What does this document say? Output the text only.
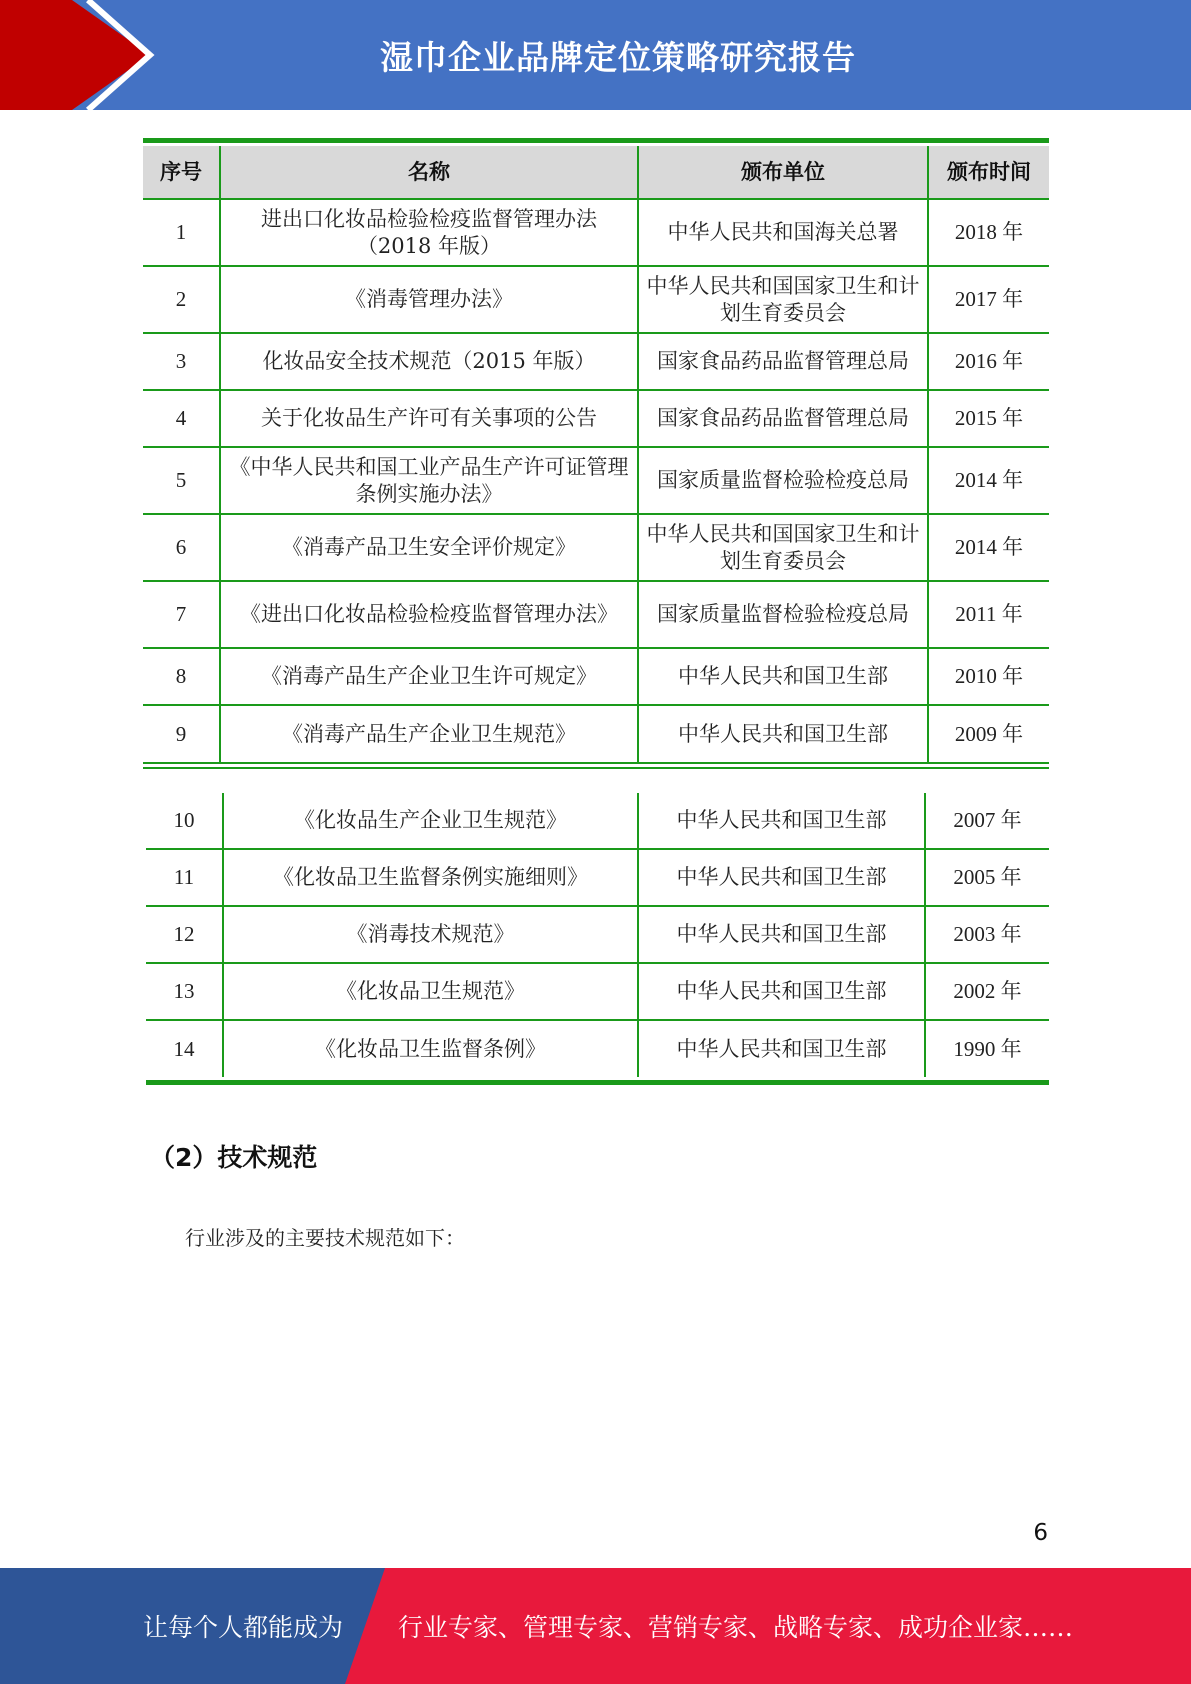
湿巾企业品牌定位策略研究报告
序号	名称	颁布单位	颁布时间
1	进出口化妆品检验检疫监督管理办法（2018 年版）	中华人民共和国海关总署	2018 年
2	《消毒管理办法》	中华人民共和国国家卫生和计划生育委员会	2017 年
3	化妆品安全技术规范（2015 年版）	国家食品药品监督管理总局	2016 年
4	关于化妆品生产许可有关事项的公告	国家食品药品监督管理总局	2015 年
5	《中华人民共和国工业产品生产许可证管理条例实施办法》	国家质量监督检验检疫总局	2014 年
6	《消毒产品卫生安全评价规定》	中华人民共和国国家卫生和计划生育委员会	2014 年
7	《进出口化妆品检验检疫监督管理办法》	国家质量监督检验检疫总局	2011 年
8	《消毒产品生产企业卫生许可规定》	中华人民共和国卫生部	2010 年
9	《消毒产品生产企业卫生规范》	中华人民共和国卫生部	2009 年
10	《化妆品生产企业卫生规范》	中华人民共和国卫生部	2007 年
11	《化妆品卫生监督条例实施细则》	中华人民共和国卫生部	2005 年
12	《消毒技术规范》	中华人民共和国卫生部	2003 年
13	《化妆品卫生规范》	中华人民共和国卫生部	2002 年
14	《化妆品卫生监督条例》	中华人民共和国卫生部	1990 年
（2）技术规范
行业涉及的主要技术规范如下：
6
让每个人都能成为 行业专家、管理专家、营销专家、战略专家、成功企业家……
